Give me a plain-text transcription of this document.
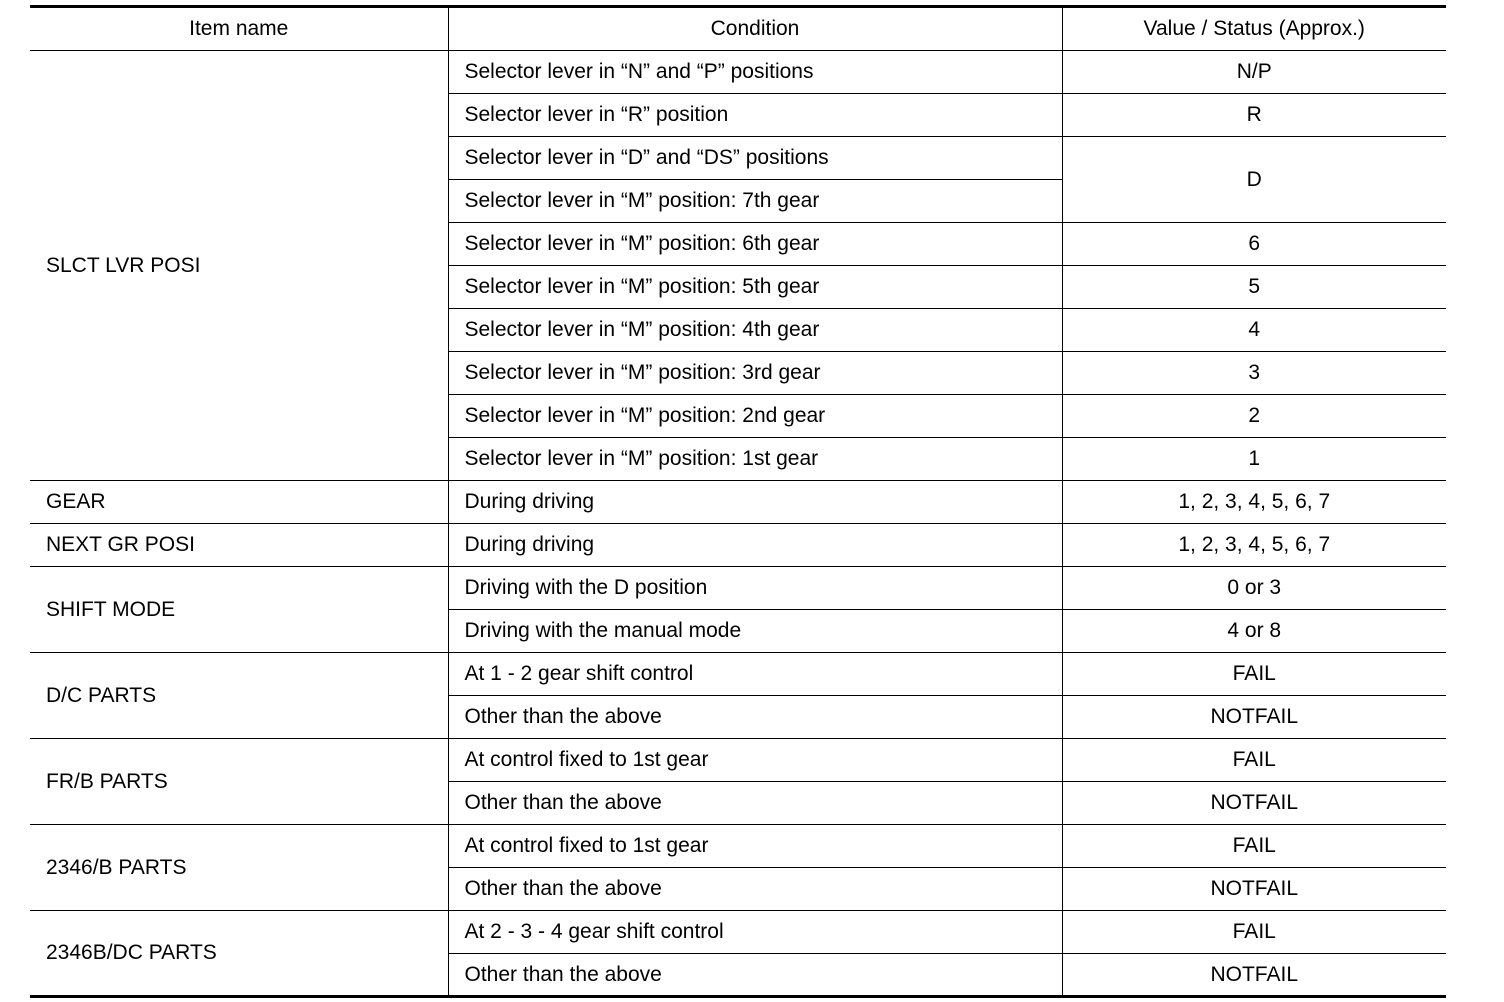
Item name	Condition	Value / Status (Approx.)
SLCT LVR POSI	Selector lever in “N” and “P” positions	N/P
	Selector lever in “R” position	R
	Selector lever in “D” and “DS” positions	D
	Selector lever in “M” position: 7th gear	
	Selector lever in “M” position: 6th gear	6
	Selector lever in “M” position: 5th gear	5
	Selector lever in “M” position: 4th gear	4
	Selector lever in “M” position: 3rd gear	3
	Selector lever in “M” position: 2nd gear	2
	Selector lever in “M” position: 1st gear	1
GEAR	During driving	1, 2, 3, 4, 5, 6, 7
NEXT GR POSI	During driving	1, 2, 3, 4, 5, 6, 7
SHIFT MODE	Driving with the D position	0 or 3
	Driving with the manual mode	4 or 8
D/C PARTS	At 1 - 2 gear shift control	FAIL
	Other than the above	NOTFAIL
FR/B PARTS	At control fixed to 1st gear	FAIL
	Other than the above	NOTFAIL
2346/B PARTS	At control fixed to 1st gear	FAIL
	Other than the above	NOTFAIL
2346B/DC PARTS	At 2 - 3 - 4 gear shift control	FAIL
	Other than the above	NOTFAIL
